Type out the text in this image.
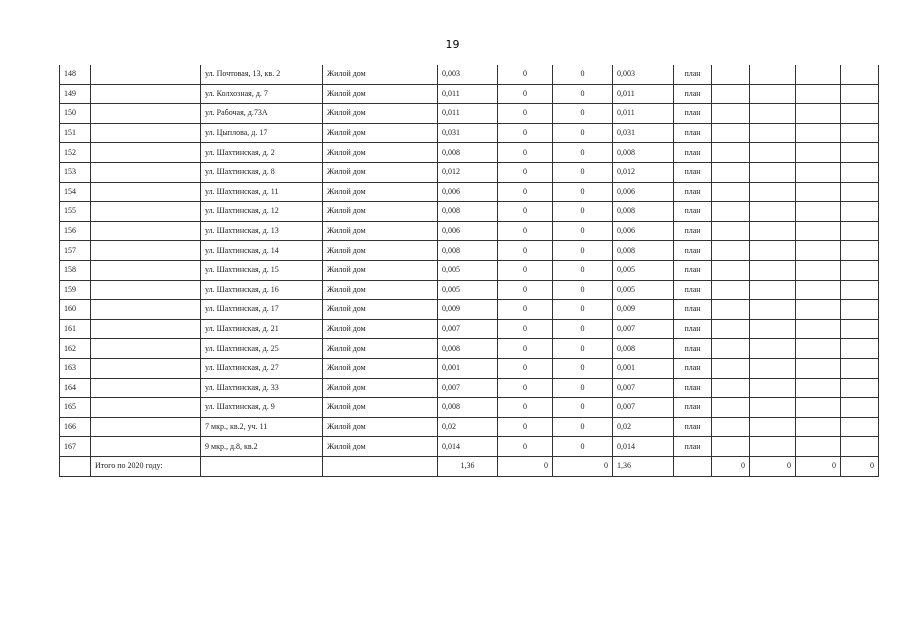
19
148		ул. Почтовая, 13, кв. 2	Жилой дом	0,003	0	0	0,003	план				
149		ул. Колхозная, д. 7	Жилой дом	0,011	0	0	0,011	план				
150		ул. Рабочая, д.73А	Жилой дом	0,011	0	0	0,011	план				
151		ул. Цыплова, д. 17	Жилой дом	0,031	0	0	0,031	план				
152		ул. Шахтинская, д. 2	Жилой дом	0,008	0	0	0,008	план				
153		ул. Шахтинская, д. 8	Жилой дом	0,012	0	0	0,012	план				
154		ул. Шахтинская, д. 11	Жилой дом	0,006	0	0	0,006	план				
155		ул. Шахтинская, д. 12	Жилой дом	0,008	0	0	0,008	план				
156		ул. Шахтинская, д. 13	Жилой дом	0,006	0	0	0,006	план				
157		ул. Шахтинская, д. 14	Жилой дом	0,008	0	0	0,008	план				
158		ул. Шахтинская, д. 15	Жилой дом	0,005	0	0	0,005	план				
159		ул. Шахтинская, д. 16	Жилой дом	0,005	0	0	0,005	план				
160		ул. Шахтинская, д. 17	Жилой дом	0,009	0	0	0,009	план				
161		ул. Шахтинская, д. 21	Жилой дом	0,007	0	0	0,007	план				
162		ул. Шахтинская, д. 25	Жилой дом	0,008	0	0	0,008	план				
163		ул. Шахтинская, д. 27	Жилой дом	0,001	0	0	0,001	план				
164		ул. Шахтинская, д. 33	Жилой дом	0,007	0	0	0,007	план				
165		ул. Шахтинская, д. 9	Жилой дом	0,008	0	0	0,007	план				
166		7 мкр., кв.2, уч. 11	Жилой дом	0,02	0	0	0,02	план				
167		9 мкр., д.8, кв.2	Жилой дом	0,014	0	0	0,014	план				
	Итого по 2020 году:			1,36	0	0	1,36		0	0	0	0
